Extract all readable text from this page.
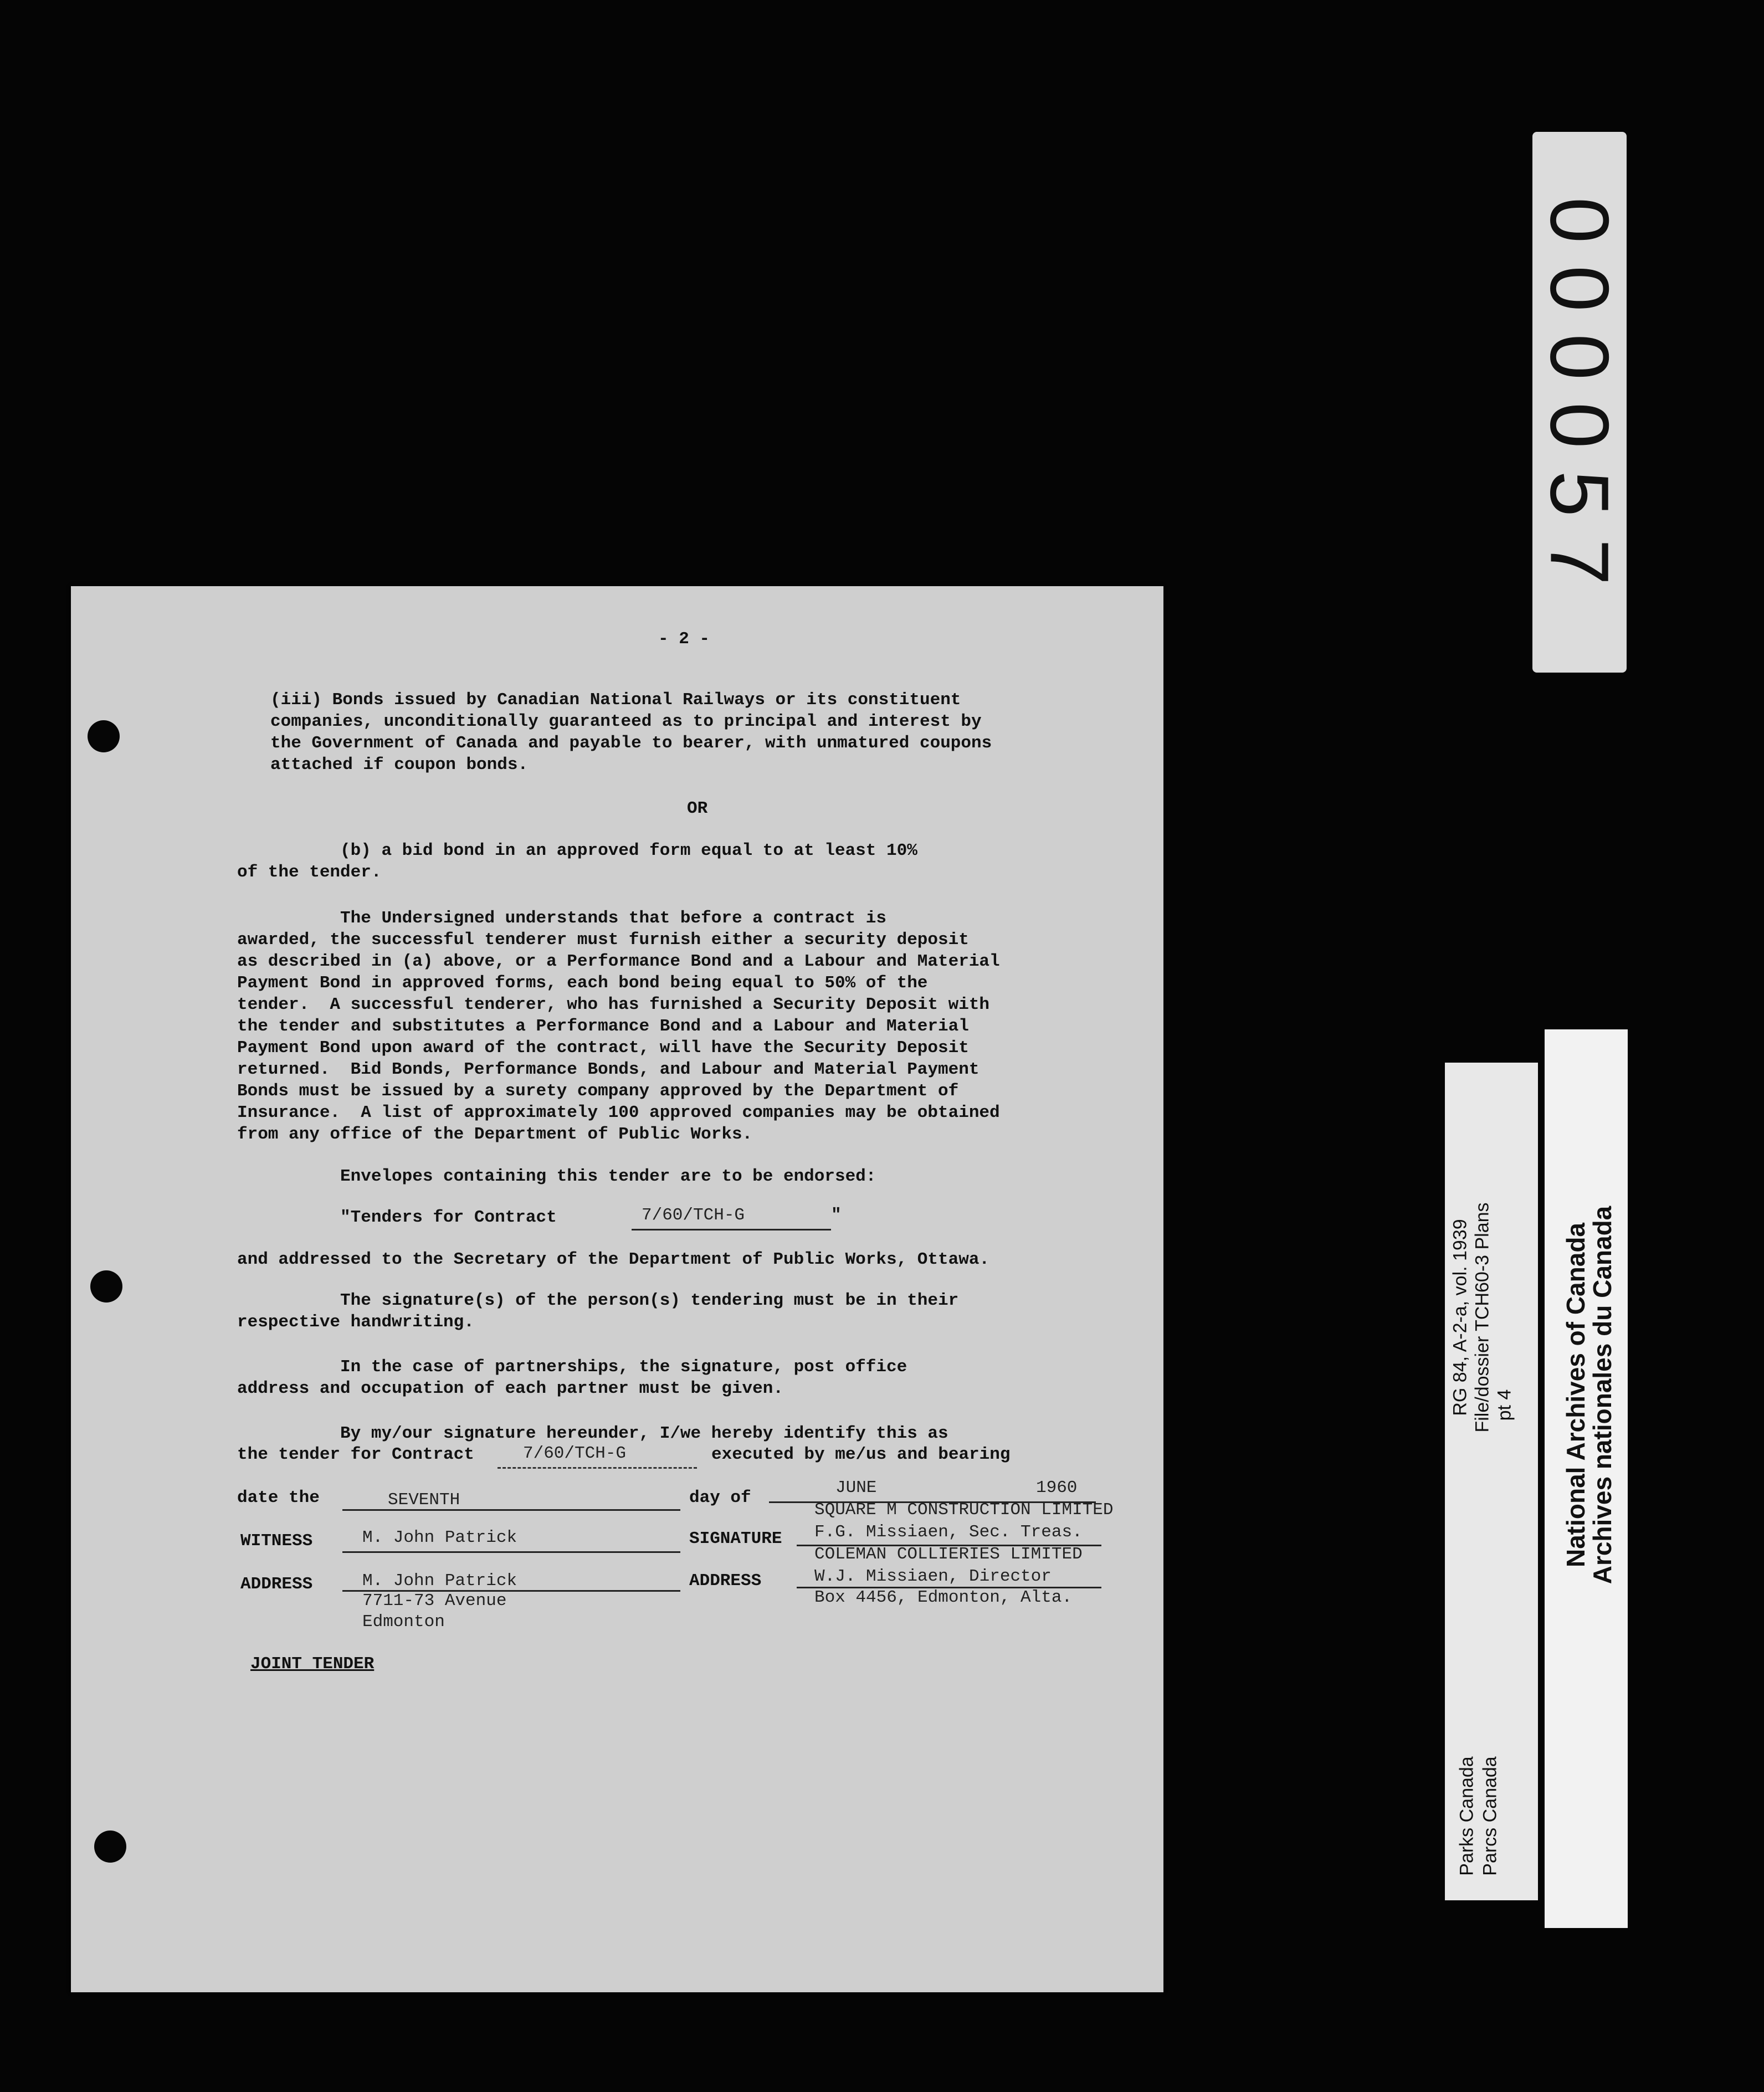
000057
- 2 -
(iii) Bonds issued by Canadian National Railways or its constituent
companies, unconditionally guaranteed as to principal and interest by
the Government of Canada and payable to bearer, with unmatured coupons
attached if coupon bonds.
OR
(b) a bid bond in an approved form equal to at least 10%
of the tender.
The Undersigned understands that before a contract is
awarded, the successful tenderer must furnish either a security deposit
as described in (a) above, or a Performance Bond and a Labour and Material
Payment Bond in approved forms, each bond being equal to 50% of the
tender.  A successful tenderer, who has furnished a Security Deposit with
the tender and substitutes a Performance Bond and a Labour and Material
Payment Bond upon award of the contract, will have the Security Deposit
returned.  Bid Bonds, Performance Bonds, and Labour and Material Payment
Bonds must be issued by a surety company approved by the Department of
Insurance.  A list of approximately 100 approved companies may be obtained
from any office of the Department of Public Works.
Envelopes containing this tender are to be endorsed:
"Tenders for Contract	7/60/TCH-G	"
and addressed to the Secretary of the Department of Public Works, Ottawa.
The signature(s) of the person(s) tendering must be in their
respective handwriting.
In the case of partnerships, the signature, post office
address and occupation of each partner must be given.
By my/our signature hereunder, I/we hereby identify this as
the tender for Contract	7/60/TCH-G	executed by me/us and bearing
date the	SEVENTH	day of
JUNE	1960
SQUARE M CONSTRUCTION LIMITED
WITNESS	M. John Patrick	SIGNATURE F.G. Missiaen, Sec. Treas.
COLEMAN COLLIERIES LIMITED
ADDRESS	M. John Patrick
7711-73 Avenue
Edmonton
ADDRESS	W.J. Missiaen, Director
Box 4456, Edmonton, Alta.
JOINT TENDER
RG 84, A-2-a, vol. 1939 File/dossier TCH60-3 Plans pt 4
Parks Canada Parcs Canada
National Archives of Canada
Archives nationales du Canada
